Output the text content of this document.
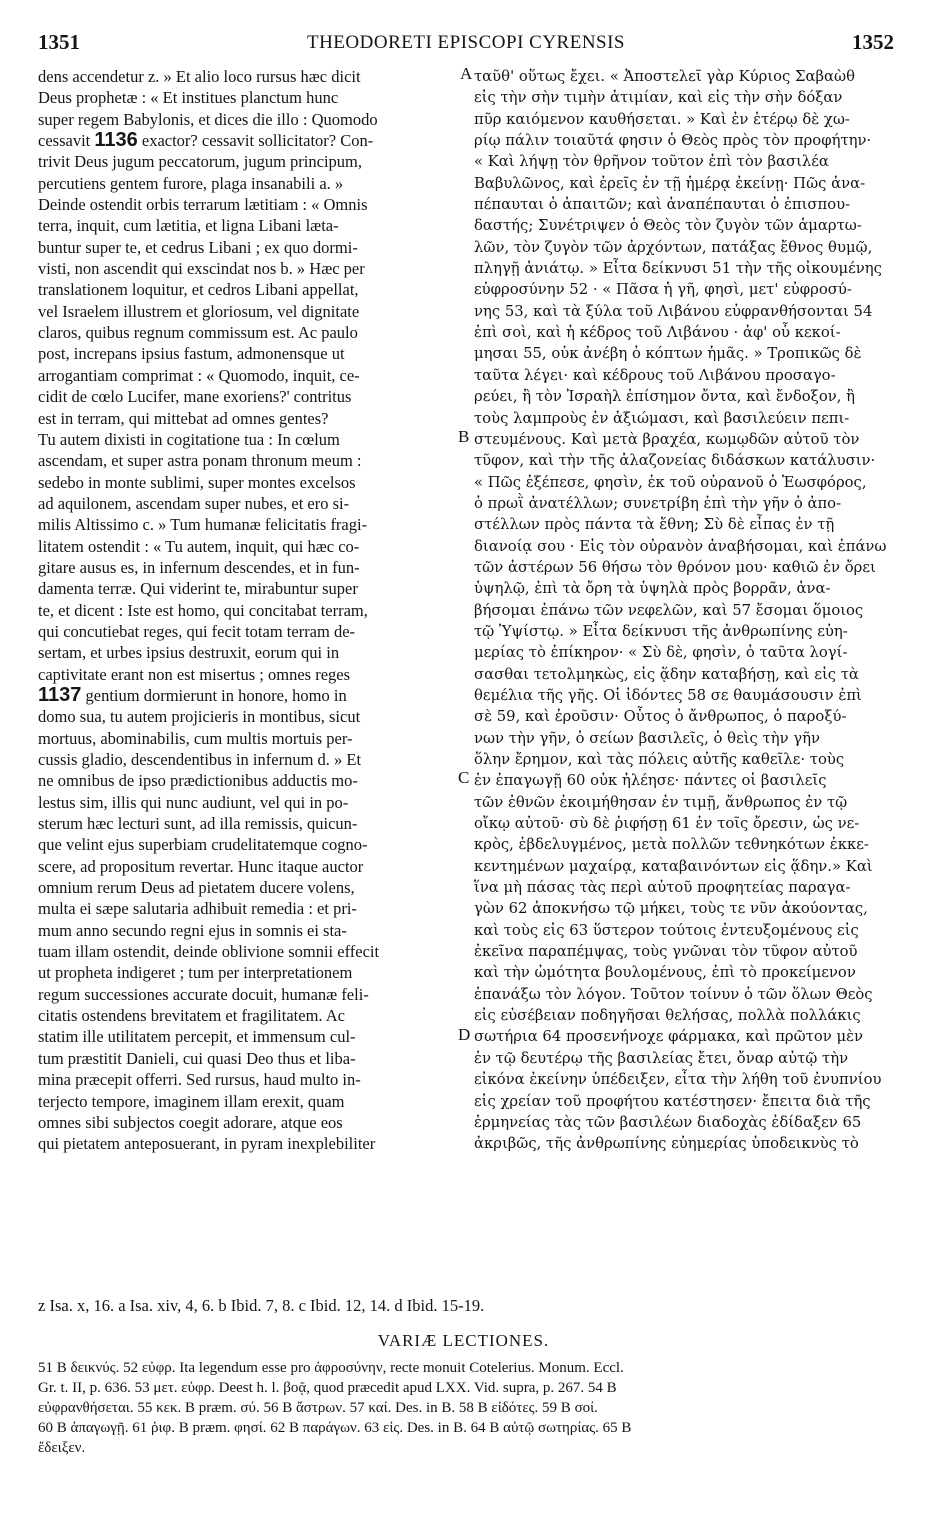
1351	THEODORETI EPISCOPI CYRENSIS	1352
dens accendetur z. » Et alio loco rursus hæc dicit
Deus prophetæ : « Et institues planctum hunc
super regem Babylonis, et dices die illo : Quomodo
cessavit 1136 exactor? cessavit sollicitator? Con-
trivit Deus jugum peccatorum, jugum principum,
percutiens gentem furore, plaga insanabili a. »
Deinde ostendit orbis terrarum lætitiam : « Omnis
terra, inquit, cum lætitia, et ligna Libani læta-
buntur super te, et cedrus Libani ; ex quo dormi-
visti, non ascendit qui exscindat nos b. » Hæc per
translationem loquitur, et cedros Libani appellat,
vel Israelem illustrem et gloriosum, vel dignitate
claros, quibus regnum commissum est. Ac paulo
post, increpans ipsius fastum, admonensque ut
arrogantiam comprimat : « Quomodo, inquit, ce-
cidit de cœlo Lucifer, mane exoriens?' contritus
est in terram, qui mittebat ad omnes gentes?
Tu autem dixisti in cogitatione tua : In cœlum
ascendam, et super astra ponam thronum meum :
sedebo in monte sublimi, super montes excelsos
ad aquilonem, ascendam super nubes, et ero si-
milis Altissimo c. » Tum humanæ felicitatis fragi-
litatem ostendit : « Tu autem, inquit, qui hæc co-
gitare ausus es, in infernum descendes, et in fun-
damenta terræ. Qui viderint te, mirabuntur super
te, et dicent : Iste est homo, qui concitabat terram,
qui concutiebat reges, qui fecit totam terram de-
sertam, et urbes ipsius destruxit, eorum qui in
captivitate erant non est misertus ; omnes reges
1137 gentium dormierunt in honore, homo in
domo sua, tu autem projicieris in montibus, sicut
mortuus, abominabilis, cum multis mortuis per-
cussis gladio, descendentibus in infernum d. » Et
ne omnibus de ipso prædictionibus adductis mo-
lestus sim, illis qui nunc audiunt, vel qui in po-
sterum hæc lecturi sunt, ad illa remissis, quicun-
que velint ejus superbiam crudelitatemque cogno-
scere, ad propositum revertar. Hunc itaque auctor
omnium rerum Deus ad pietatem ducere volens,
multa ei sæpe salutaria adhibuit remedia : et pri-
mum anno secundo regni ejus in somnis ei sta-
tuam illam ostendit, deinde oblivione somnii effecit
ut propheta indigeret ; tum per interpretationem
regum successiones accurate docuit, humanæ feli-
citatis ostendens brevitatem et fragilitatem. Ac
statim ille utilitatem percepit, et immensum cul-
tum præstitit Danieli, cui quasi Deo thus et liba-
mina præcepit offerri. Sed rursus, haud multo in-
terjecto tempore, imaginem illam erexit, quam
omnes sibi subjectos coegit adorare, atque eos
qui pietatem anteposuerant, in pyram inexplebiliter
ταῦθ' οὕτως ἔχει. « Ἀποστελεῖ γὰρ Κύριος Σαβαὼθ
εἰς τὴν σὴν τιμὴν ἀτιμίαν, καὶ εἰς τὴν σὴν δόξαν
πῦρ καιόμενον καυθήσεται. » Καὶ ἐν ἑτέρῳ δὲ χω-
ρίῳ πάλιν τοιαῦτά φησιν ὁ Θεὸς πρὸς τὸν προφήτην·
« Καὶ λήψῃ τὸν θρῆνον τοῦτον ἐπὶ τὸν βασιλέα
Βαβυλῶνος, καὶ ἐρεῖς ἐν τῇ ἡμέρᾳ ἐκείνῃ· Πῶς ἀνα-
πέπαυται ὁ ἀπαιτῶν; καὶ ἀναπέπαυται ὁ ἐπισπου-
δαστής; Συνέτριψεν ὁ Θεὸς τὸν ζυγὸν τῶν ἁμαρτω-
λῶν, τὸν ζυγὸν τῶν ἀρχόντων, πατάξας ἔθνος θυμῷ,
πληγῇ ἀνιάτῳ. » Εἶτα δείκνυσι 51 τὴν τῆς οἰκουμένης
εὐφροσύνην 52 · « Πᾶσα ἡ γῆ, φησὶ, μετ' εὐφροσύ-
νης 53, καὶ τὰ ξύλα τοῦ Λιβάνου εὐφρανθήσονται 54
ἐπὶ σοὶ, καὶ ἡ κέδρος τοῦ Λιβάνου · ἀφ' οὗ κεκοί-
μησαι 55, οὐκ ἀνέβη ὁ κόπτων ἡμᾶς. » Τροπικῶς δὲ
ταῦτα λέγει· καὶ κέδρους τοῦ Λιβάνου προσαγο-
ρεύει, ἢ τὸν Ἰσραὴλ ἐπίσημον ὄντα, καὶ ἔνδοξον, ἢ
τοὺς λαμπροὺς ἐν ἀξιώμασι, καὶ βασιλεύειν πεπι-
στευμένους. Καὶ μετὰ βραχέα, κωμῳδῶν αὐτοῦ τὸν
τῦφον, καὶ τὴν τῆς ἀλαζονείας διδάσκων κατάλυσιν·
« Πῶς ἐξέπεσε, φησὶν, ἐκ τοῦ οὐρανοῦ ὁ Ἑωσφόρος,
ὁ πρωῒ ἀνατέλλων; συνετρίβη ἐπὶ τὴν γῆν ὁ ἀπο-
στέλλων πρὸς πάντα τὰ ἔθνη; Σὺ δὲ εἶπας ἐν τῇ
διανοίᾳ σου · Εἰς τὸν οὐρανὸν ἀναβήσομαι, καὶ ἐπάνω
τῶν ἀστέρων 56 θήσω τὸν θρόνον μου· καθιῶ ἐν ὄρει
ὑψηλῷ, ἐπὶ τὰ ὄρη τὰ ὑψηλὰ πρὸς βορρᾶν, ἀνα-
βήσομαι ἐπάνω τῶν νεφελῶν, καὶ 57 ἔσομαι ὅμοιος
τῷ Ὑψίστῳ. » Εἶτα δείκνυσι τῆς ἀνθρωπίνης εὐη-
μερίας τὸ ἐπίκηρον· « Σὺ δὲ, φησὶν, ὁ ταῦτα λογί-
σασθαι τετολμηκὼς, εἰς ᾅδην καταβήσῃ, καὶ εἰς τὰ
θεμέλια τῆς γῆς. Οἱ ἰδόντες 58 σε θαυμάσουσιν ἐπὶ
σὲ 59, καὶ ἐροῦσιν· Οὗτος ὁ ἄνθρωπος, ὁ παροξύ-
νων τὴν γῆν, ὁ σείων βασιλεῖς, ὁ θεὶς τὴν γῆν
ὅλην ἔρημον, καὶ τὰς πόλεις αὐτῆς καθεῖλε· τοὺς
ἐν ἐπαγωγῇ 60 οὐκ ἠλέησε· πάντες οἱ βασιλεῖς
τῶν ἐθνῶν ἐκοιμήθησαν ἐν τιμῇ, ἄνθρωπος ἐν τῷ
οἴκῳ αὐτοῦ· σὺ δὲ ῥιφήσῃ 61 ἐν τοῖς ὄρεσιν, ὡς νε-
κρὸς, ἐβδελυγμένος, μετὰ πολλῶν τεθνηκότων ἐκκε-
κεντημένων μαχαίρᾳ, καταβαινόντων εἰς ᾅδην.» Καὶ
ἵνα μὴ πάσας τὰς περὶ αὐτοῦ προφητείας παραγα-
γὼν 62 ἀποκνήσω τῷ μήκει, τοὺς τε νῦν ἀκούοντας,
καὶ τοὺς εἰς 63 ὕστερον τούτοις ἐντευξομένους εἰς
ἐκεῖνα παραπέμψας, τοὺς γνῶναι τὸν τῦφον αὐτοῦ
καὶ τὴν ὠμότητα βουλομένους, ἐπὶ τὸ προκείμενον
ἐπανάξω τὸν λόγον. Τοῦτον τοίνυν ὁ τῶν ὅλων Θεὸς
εἰς εὐσέβειαν ποδηγῆσαι θελήσας, πολλὰ πολλάκις
σωτήρια 64 προσενήνοχε φάρμακα, καὶ πρῶτον μὲν
ἐν τῷ δευτέρῳ τῆς βασιλείας ἔτει, ὄναρ αὐτῷ τὴν
εἰκόνα ἐκείνην ὑπέδειξεν, εἶτα τὴν λήθη τοῦ ἐνυπνίου
εἰς χρείαν τοῦ προφήτου κατέστησεν· ἔπειτα διὰ τῆς
ἑρμηνείας τὰς τῶν βασιλέων διαδοχὰς ἐδίδαξεν 65
ἀκριβῶς, τῆς ἀνθρωπίνης εὐημερίας ὑποδεικνὺς τὸ
A
B
C
D
z Isa. x, 16. a Isa. xiv, 4, 6. b Ibid. 7, 8. c Ibid. 12, 14. d Ibid. 15-19.
VARIÆ LECTIONES.
51 B δεικνύς. 52 εὐφρ. Ita legendum esse pro ἀφροσύνην, recte monuit Cotelerius. Monum. Eccl.
Gr. t. II, p. 636. 53 μετ. εὐφρ. Deest h. l. βοᾷ, quod præcedit apud LXX. Vid. supra, p. 267. 54 B
εὐφρανθήσεται. 55 κεκ. B præm. σύ. 56 B ἄστρων. 57 καί. Des. in B. 58 B εἰδότες. 59 B σοί.
60 B ἀπαγωγῇ. 61 ῥιφ. B præm. φησί. 62 B παράγων. 63 εἰς. Des. in B. 64 B αὐτῷ σωτηρίας. 65 B
ἔδειξεν.
